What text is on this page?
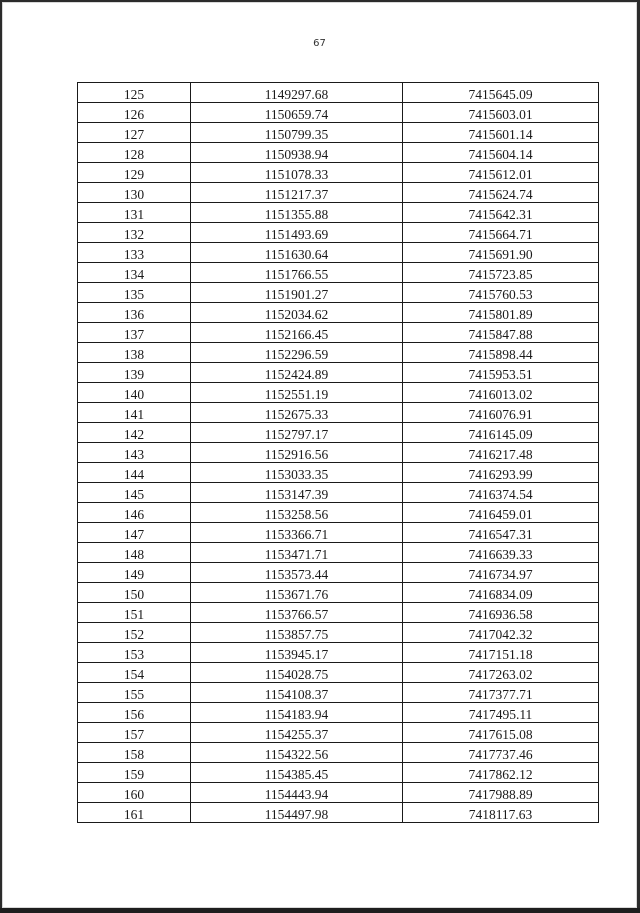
67
125	1149297.68	7415645.09
126	1150659.74	7415603.01
127	1150799.35	7415601.14
128	1150938.94	7415604.14
129	1151078.33	7415612.01
130	1151217.37	7415624.74
131	1151355.88	7415642.31
132	1151493.69	7415664.71
133	1151630.64	7415691.90
134	1151766.55	7415723.85
135	1151901.27	7415760.53
136	1152034.62	7415801.89
137	1152166.45	7415847.88
138	1152296.59	7415898.44
139	1152424.89	7415953.51
140	1152551.19	7416013.02
141	1152675.33	7416076.91
142	1152797.17	7416145.09
143	1152916.56	7416217.48
144	1153033.35	7416293.99
145	1153147.39	7416374.54
146	1153258.56	7416459.01
147	1153366.71	7416547.31
148	1153471.71	7416639.33
149	1153573.44	7416734.97
150	1153671.76	7416834.09
151	1153766.57	7416936.58
152	1153857.75	7417042.32
153	1153945.17	7417151.18
154	1154028.75	7417263.02
155	1154108.37	7417377.71
156	1154183.94	7417495.11
157	1154255.37	7417615.08
158	1154322.56	7417737.46
159	1154385.45	7417862.12
160	1154443.94	7417988.89
161	1154497.98	7418117.63
